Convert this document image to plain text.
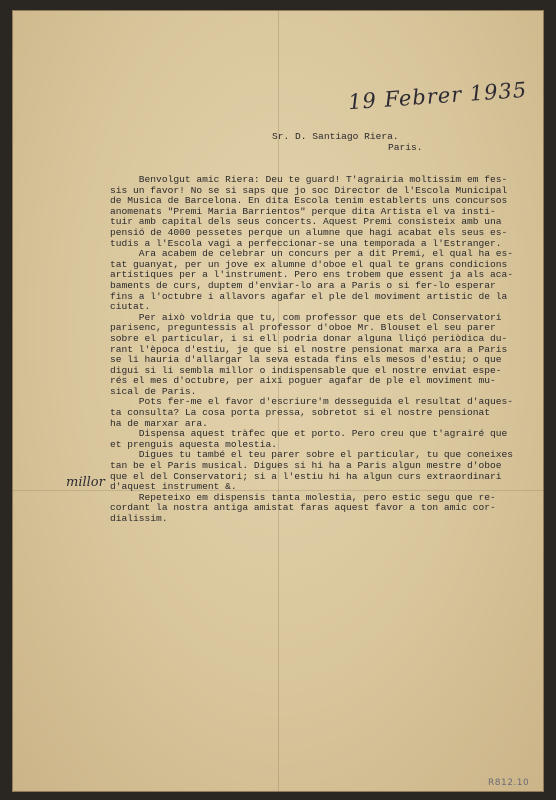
19 Febrer 1935
Sr. D. Santiago Riera.
Paris.
Benvolgut amic Riera: Deu te guard! T'agrairia moltissim em fes-
sis un favor! No se si saps que jo soc Director de l'Escola Municipal
de Musica de Barcelona. En dita Escola tenim establerts uns concursos
anomenats "Premi Maria Barrientos" perque dita Artista el va insti-
tuir amb capital dels seus concerts. Aquest Premi consisteix amb una
pensió de 4000 pessetes perque un alumne que hagi acabat els seus es-
tudis a l'Escola vagi a perfeccionar-se una temporada a l'Estranger.
Ara acabem de celebrar un concurs per a dit Premi, el qual ha es-
tat guanyat, per un jove ex alumne d'oboe el qual te grans condicions
artístiques per a l'instrument. Pero ens trobem que essent ja als aca-
baments de curs, duptem d'enviar-lo ara a Paris o si fer-lo esperar
fins a l'octubre i allavors agafar el ple del moviment artistic de la
ciutat.
Per això voldria que tu, com professor que ets del Conservatori
parisenc, preguntessis al professor d'oboe Mr. Blouset el seu parer
sobre el particular, i si ell podria donar alguna lliçó periòdica du-
rant l'època d'estiu, je que si el nostre pensionat marxa ara a Paris
se li hauria d'allargar la seva estada fins els mesos d'estiu; o que
digui si li sembla millor o indispensable que el nostre enviat espe-
rés el mes d'octubre, per així poguer agafar de ple el moviment mu-
sical de Paris.
Pots fer-me el favor d'escriure'm desseguida el resultat d'aques-
ta consulta? La cosa porta pressa, sobretot si el nostre pensionat
ha de marxar ara.
Dispensa aquest tràfec que et porto. Pero creu que t'agrairé que
et prenguis aquesta molestia.
Digues tu també el teu parer sobre el particular, tu que coneixes
tan be el Paris musical. Digues si hi ha a Paris algun mestre d'oboe
que el del Conservatori; si a l'estiu hi ha algun curs extraordinari
d'aquest instrument &.
Repeteixo em dispensis tanta molestia, pero estic segu que re-
cordant la nostra antiga amistat faras aquest favor a ton amic cor-
dialissim.
millor
R812.10
